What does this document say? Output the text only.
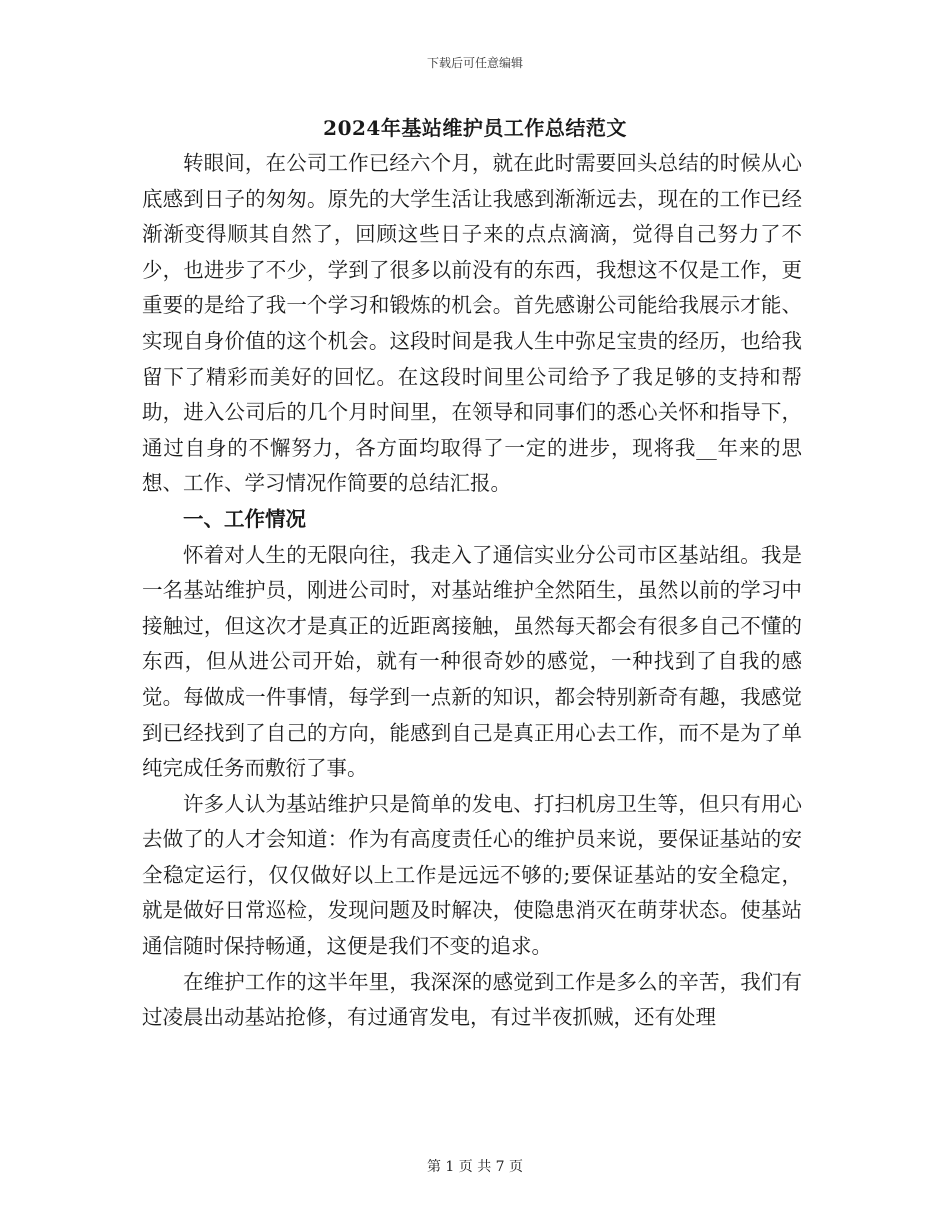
下载后可任意编辑
2024年基站维护员工作总结范文

转眼间，在公司工作已经六个月，就在此时需要回头总结的时候从心底感到日子的匆匆。原先的大学生活让我感到渐渐远去，现在的工作已经渐渐变得顺其自然了，回顾这些日子来的点点滴滴，觉得自己努力了不少，也进步了不少，学到了很多以前没有的东西，我想这不仅是工作，更重要的是给了我一个学习和锻炼的机会。首先感谢公司能给我展示才能、实现自身价值的这个机会。这段时间是我人生中弥足宝贵的经历，也给我留下了精彩而美好的回忆。在这段时间里公司给予了我足够的支持和帮助，进入公司后的几个月时间里，在领导和同事们的悉心关怀和指导下，通过自身的不懈努力，各方面均取得了一定的进步，现将我__年来的思想、工作、学习情况作简要的总结汇报。

一、工作情况

怀着对人生的无限向往，我走入了通信实业分公司市区基站组。我是一名基站维护员，刚进公司时，对基站维护全然陌生，虽然以前的学习中接触过，但这次才是真正的近距离接触，虽然每天都会有很多自己不懂的东西，但从进公司开始，就有一种很奇妙的感觉，一种找到了自我的感觉。每做成一件事情，每学到一点新的知识，都会特别新奇有趣，我感觉到已经找到了自己的方向，能感到自己是真正用心去工作，而不是为了单纯完成任务而敷衍了事。

许多人认为基站维护只是简单的发电、打扫机房卫生等，但只有用心去做了的人才会知道：作为有高度责任心的维护员来说，要保证基站的安全稳定运行，仅仅做好以上工作是远远不够的;要保证基站的安全稳定，就是做好日常巡检，发现问题及时解决，使隐患消灭在萌芽状态。使基站通信随时保持畅通，这便是我们不变的追求。

在维护工作的这半年里，我深深的感觉到工作是多么的辛苦，我们有过凌晨出动基站抢修，有过通宵发电，有过半夜抓贼，还有处理

第 1 页 共 7 页
